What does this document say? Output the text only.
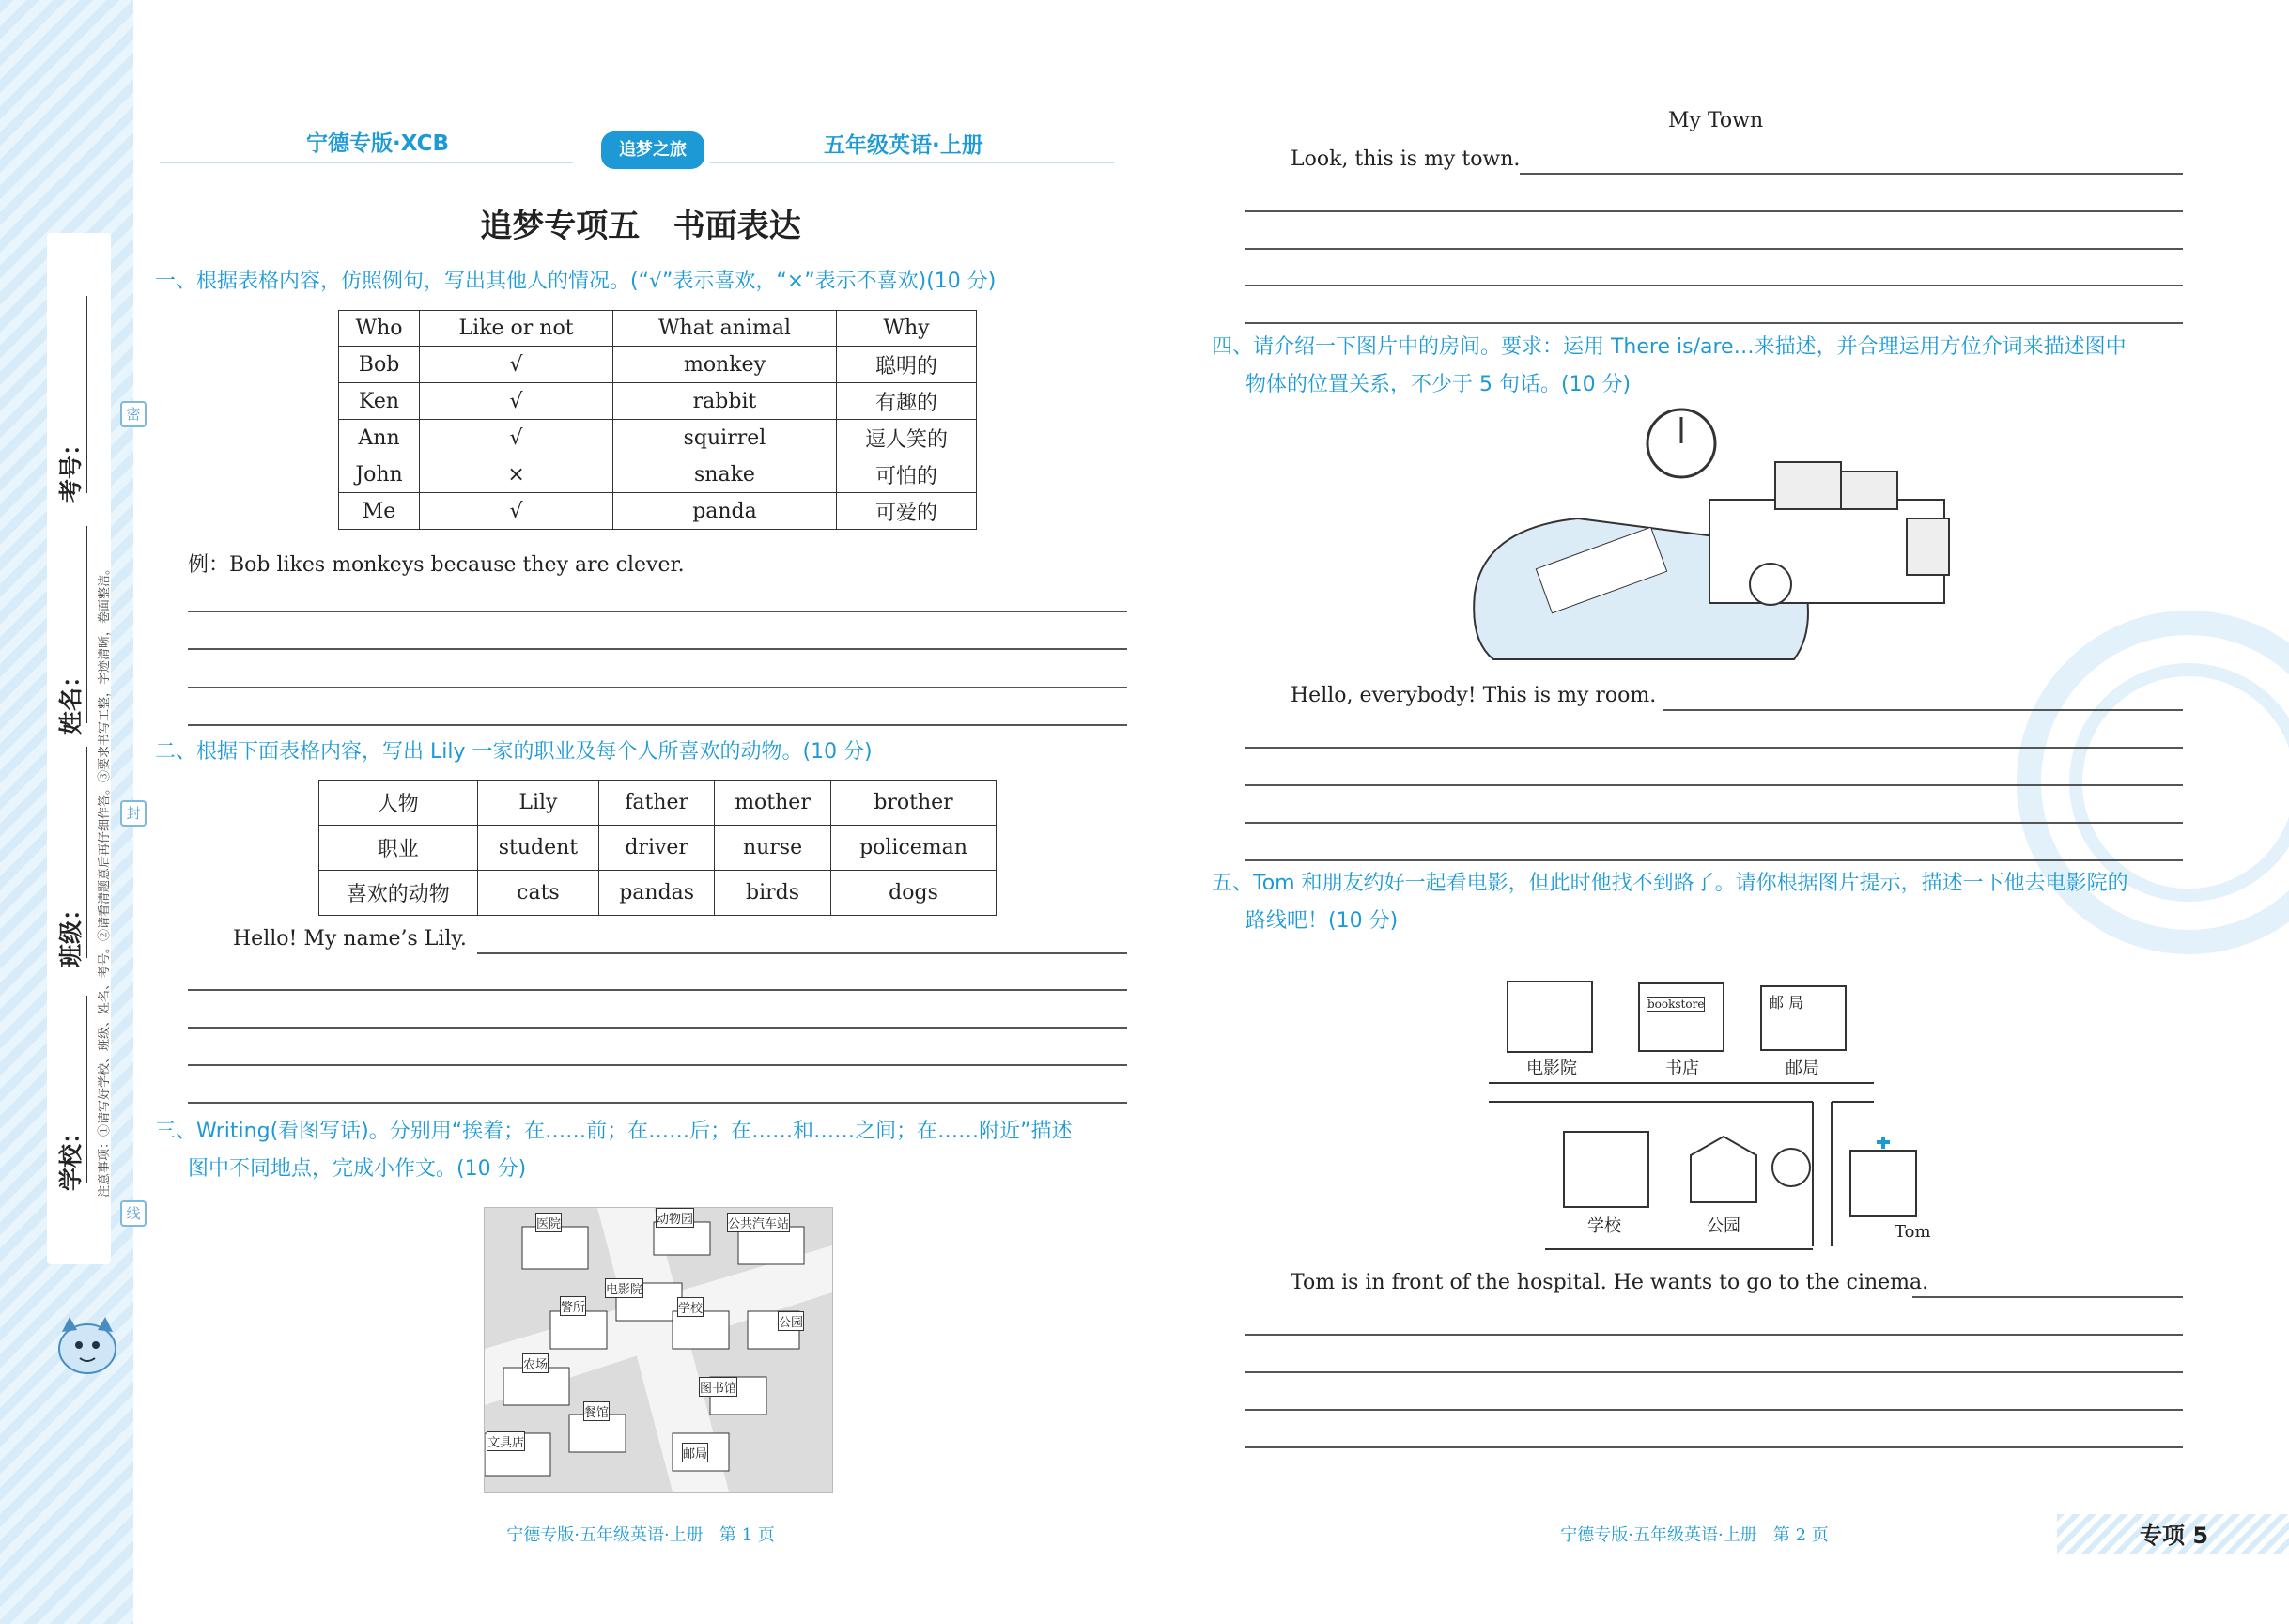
学校：
班级：
姓名：
考号：
注意事项：①请写好学校、班级、姓名、考号。②请看清题意后再仔细作答。③要求书写工整，字迹清晰，卷面整洁。
密
封
线
宁德专版·XCB	追梦之旅	五年级英语·上册
追梦专项五   书面表达
一、根据表格内容，仿照例句，写出其他人的情况。(“√”表示喜欢，“×”表示不喜欢)(10 分)
Who	Like or not	What animal	Why
Bob	√	monkey	聪明的
Ken	√	rabbit	有趣的
Ann	√	squirrel	逗人笑的
John	×	snake	可怕的
Me	√	panda	可爱的
例：Bob likes monkeys because they are clever.
二、根据下面表格内容，写出 Lily 一家的职业及每个人所喜欢的动物。(10 分)
人物	Lily	father	mother	brother
职业	student	driver	nurse	policeman
喜欢的动物	cats	pandas	birds	dogs
Hello! My name’s Lily.
三、Writing(看图写话)。分别用“挨着；在……前；在……后；在……和……之间；在……附近”描述
图中不同地点，完成小作文。(10 分)
医院	动物园	公共汽车站
电影院
警所	学校
公园
农场
图书馆
餐馆
文具店
邮局
宁德专版·五年级英语·上册   第 1 页
My Town
Look, this is my town.
四、请介绍一下图片中的房间。要求：运用 There is/are…来描述，并合理运用方位介词来描述图中
物体的位置关系，不少于 5 句话。(10 分)
Hello, everybody! This is my room.
五、Tom 和朋友约好一起看电影，但此时他找不到路了。请你根据图片提示，描述一下他去电影院的
路线吧！(10 分)
bookstore	邮 局
电影院	书店	邮局
学校	公园	Tom
Tom is in front of the hospital. He wants to go to the cinema.
宁德专版·五年级英语·上册   第 2 页	专项 5
